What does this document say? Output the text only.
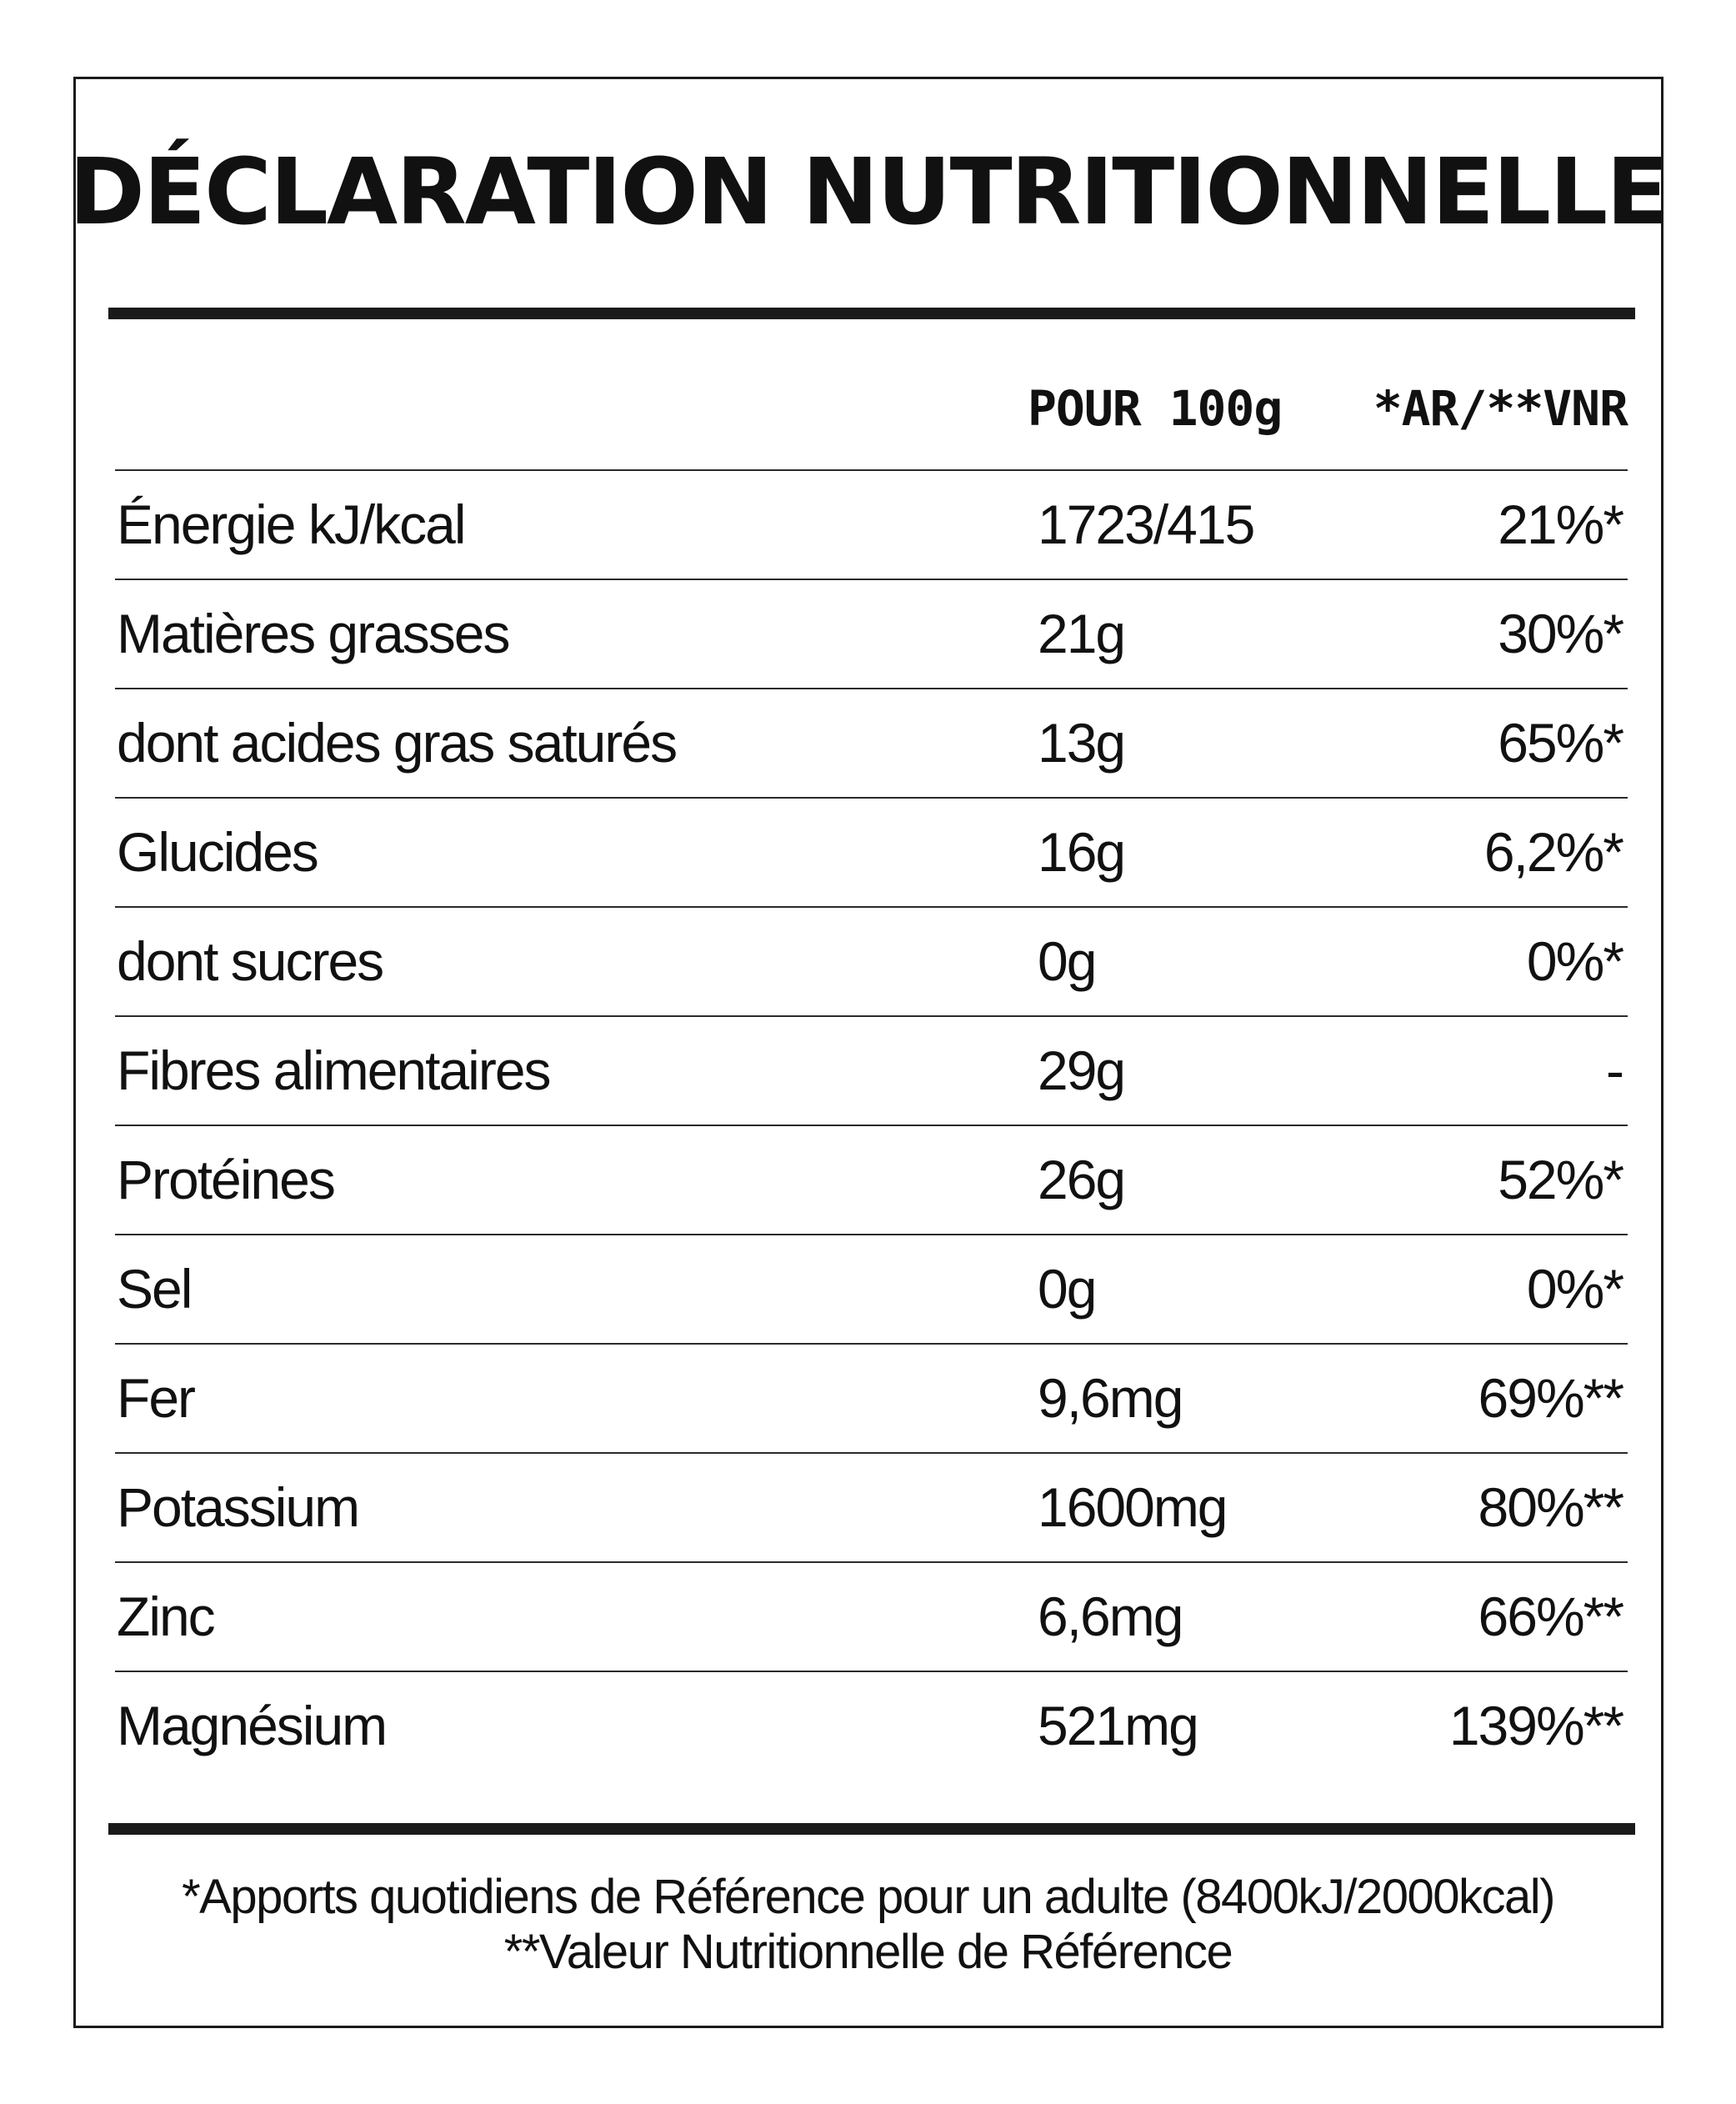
DÉCLARATION NUTRITIONNELLE
POUR 100g *AR/**VNR
Énergie kJ/kcal	1723/415	21%*
Matières grasses	21g	30%*
dont acides gras saturés	13g	65%*
Glucides	16g	6,2%*
dont sucres	0g	0%*
Fibres alimentaires	29g	-
Protéines	26g	52%*
Sel	0g	0%*
Fer	9,6mg	69%**
Potassium	1600mg	80%**
Zinc	6,6mg	66%**
Magnésium	521mg	139%**
*Apports quotidiens de Référence pour un adulte (8400kJ/2000kcal)
**Valeur Nutritionnelle de Référence
